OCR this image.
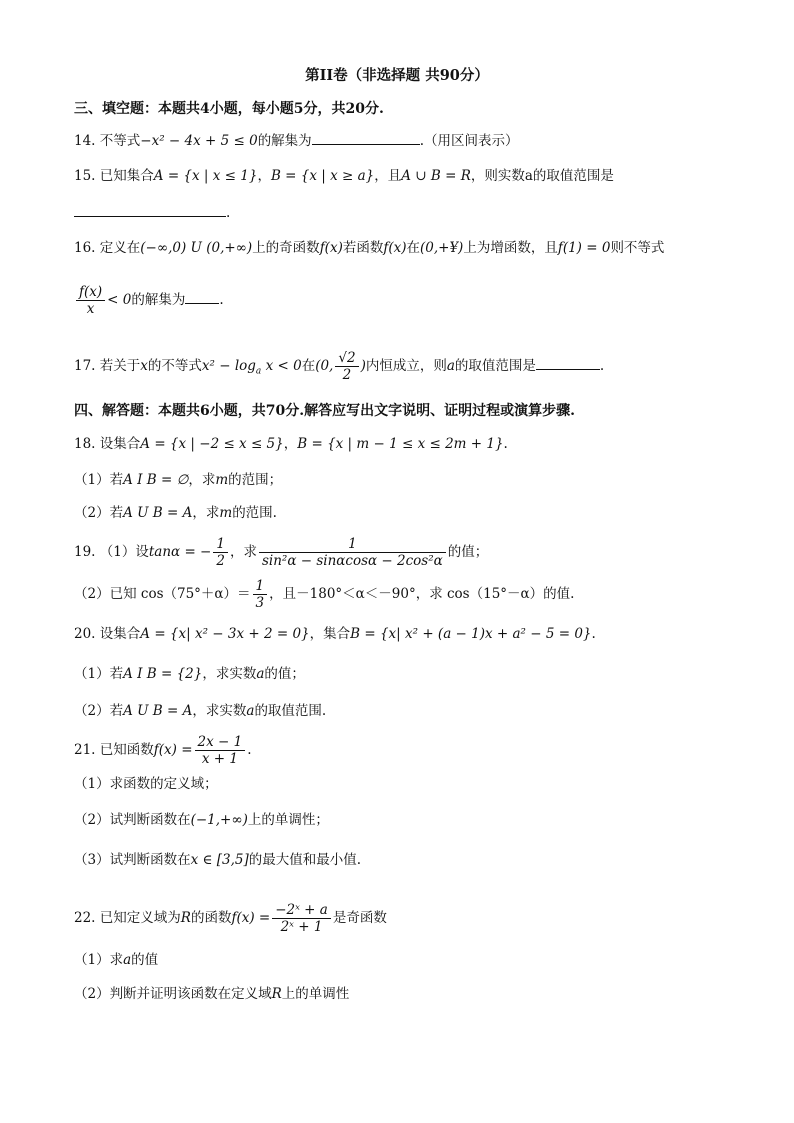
第II卷（非选择题 共90分）
三、填空题：本题共4小题，每小题5分，共20分.
14. 不等式−x² − 4x + 5 ≤ 0的解集为	.（用区间表示）
15. 已知集合A = {x | x ≤ 1}，B = {x | x ≥ a}，且A ∪ B = R，则实数a的取值范围是
.
16. 定义在(−∞,0) U (0,+∞)上的奇函数f(x)若函数f(x)在(0,+¥)上为增函数，且f(1) = 0则不等式
$\frac{f(x)}{x} < 0$的解集为	.
17. 若关于x的不等式$x^2 - \log_a x < 0$在(0, $\frac{√2}{2}$ )内恒成立，则a的取值范围是	.
四、解答题：本题共6小题，共70分.解答应写出文字说明、证明过程或演算步骤.
18. 设集合A = {x | −2 ≤ x ≤ 5}，B = {x | m − 1 ≤ x ≤ 2m + 1}.
（1）若A I B = ∅，求m的范围；
（2）若A U B = A，求m的范围.
19. （1）设tanα = − $\frac{1}{2}$ ，求 $\frac{1}{\text{sin²α − sinαcosα − 2cos²α}}$ 的值；
（2）已知 $\cos(75^\circ+\alpha)= \frac{1}{3}$ ，且－180°＜α＜－90°，求 cos（15°－α）的值.
20. 设集合A = {x| x² − 3x + 2 = 0}，集合B = {x| x² + (a − 1)x + a² − 5 = 0}.
（1）若A I B = {2}，求实数a的值；
（2）若A U B = A，求实数a的取值范围.
21. 已知函数$f(x) = \frac{2x - 1}{x + 1}$ .
（1）求函数的定义域；
（2）试判断函数在(−1,+∞)上的单调性；
（3）试判断函数在x ∈ [3,5]的最大值和最小值.
22. 已知定义域为R的函数$f(x) = \frac{\text{−2ˣ + a}}{\text{2ˣ + 1}}$ 是奇函数
（1）求a的值
（2）判断并证明该函数在定义域R上的单调性
